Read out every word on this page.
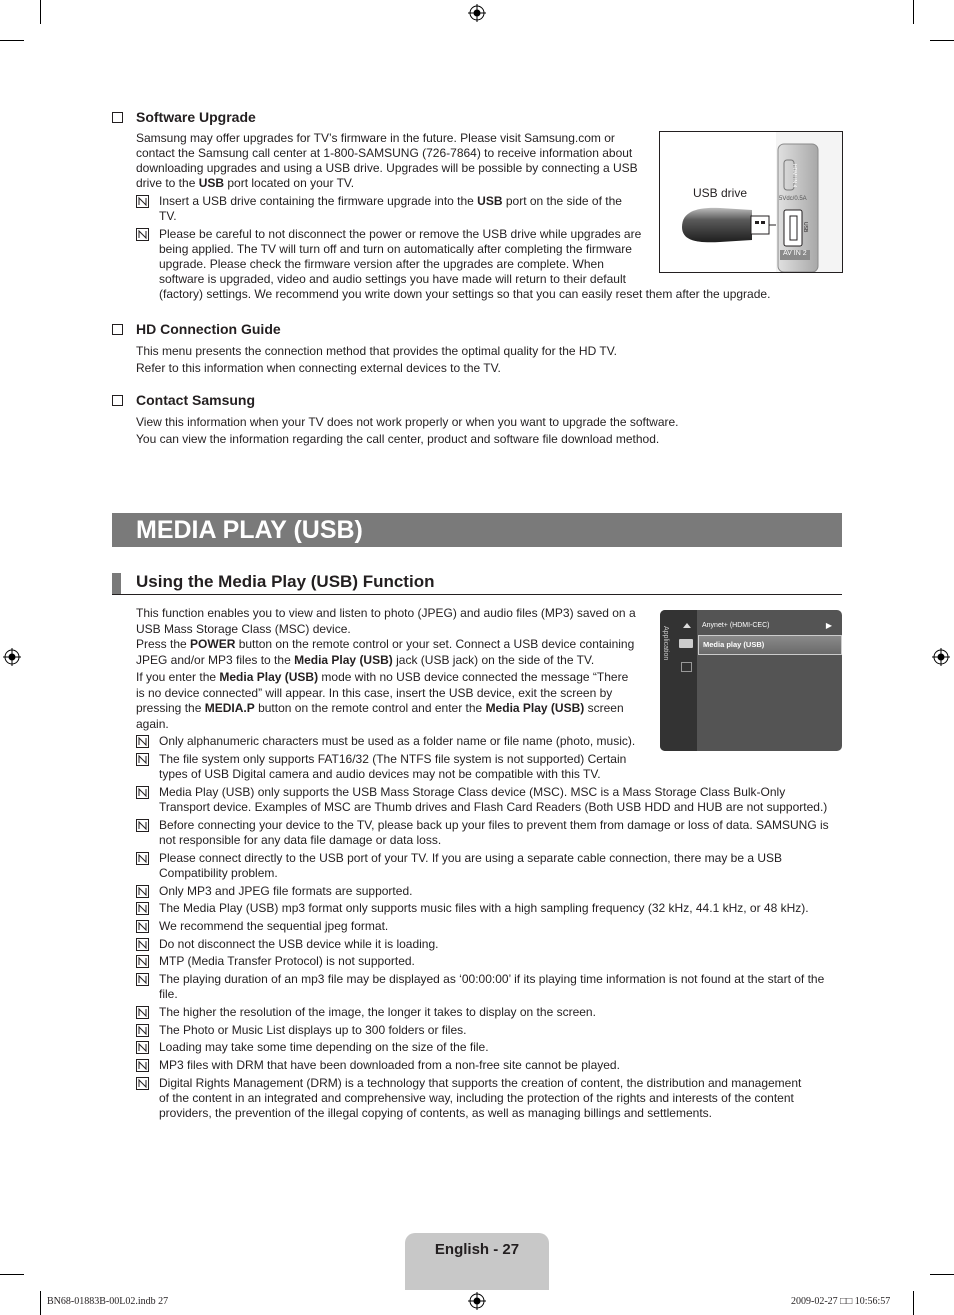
Software Upgrade
Samsung may offer upgrades for TV’s firmware in the future. Please visit Samsung.com or
contact the Samsung call center at 1-800-SAMSUNG (726-7864) to receive information about
downloading upgrades and using a USB drive. Upgrades will be possible by connecting a USB
drive to the USB port located on your TV.
Insert a USB drive containing the firmware upgrade into the USB port on the side of the
TV.
Please be careful to not disconnect the power or remove the USB drive while upgrades are
being applied. The TV will turn off and turn on automatically after completing the firmware
upgrade. Please check the firmware version after the upgrades are complete. When
software is upgraded, video and audio settings you have made will return to their default
(factory) settings. We recommend you write down your settings so that you can easily reset them after the upgrade.
USB drive
HDMI IN 4
5Vdc/0.5A
USB
AV IN 2
HD Connection Guide
This menu presents the connection method that provides the optimal quality for the HD TV.
Refer to this information when connecting external devices to the TV.
Contact Samsung
View this information when your TV does not work properly or when you want to upgrade the software.
You can view the information regarding the call center, product and software file download method.
MEDIA PLAY (USB)
Using the Media Play (USB) Function
This function enables you to view and listen to photo (JPEG) and audio files (MP3) saved on a
USB Mass Storage Class (MSC) device.
Press the POWER button on the remote control or your set. Connect a USB device containing
JPEG and/or MP3 files to the Media Play (USB) jack (USB jack) on the side of the TV.
If you enter the Media Play (USB) mode with no USB device connected the message “There
is no device connected” will appear. In this case, insert the USB device, exit the screen by
pressing the MEDIA.P button on the remote control and enter the Media Play (USB) screen
again.
Application
Anynet+ (HDMI-CEC)	▶
Media play (USB)
Only alphanumeric characters must be used as a folder name or file name (photo, music).
The file system only supports FAT16/32 (The NTFS file system is not supported) Certain
types of USB Digital camera and audio devices may not be compatible with this TV.
Media Play (USB) only supports the USB Mass Storage Class device (MSC). MSC is a Mass Storage Class Bulk-Only
Transport device. Examples of MSC are Thumb drives and Flash Card Readers (Both USB HDD and HUB are not supported.)
Before connecting your device to the TV, please back up your files to prevent them from damage or loss of data. SAMSUNG is
not responsible for any data file damage or data loss.
Please connect directly to the USB port of your TV. If you are using a separate cable connection, there may be a USB
Compatibility problem.
Only MP3 and JPEG file formats are supported.
The Media Play (USB) mp3 format only supports music files with a high sampling frequency (32 kHz, 44.1 kHz, or 48 kHz).
We recommend the sequential jpeg format.
Do not disconnect the USB device while it is loading.
MTP (Media Transfer Protocol) is not supported.
The playing duration of an mp3 file may be displayed as ‘00:00:00’ if its playing time information is not found at the start of the
file.
The higher the resolution of the image, the longer it takes to display on the screen.
The Photo or Music List displays up to 300 folders or files.
Loading may take some time depending on the size of the file.
MP3 files with DRM that have been downloaded from a non-free site cannot be played.
Digital Rights Management (DRM) is a technology that supports the creation of content, the distribution and management
of the content in an integrated and comprehensive way, including the protection of the rights and interests of the content
providers, the prevention of the illegal copying of contents, as well as managing billings and settlements.
English - 27
BN68-01883B-00L02.indb 27	2009-02-27 □□ 10:56:57
